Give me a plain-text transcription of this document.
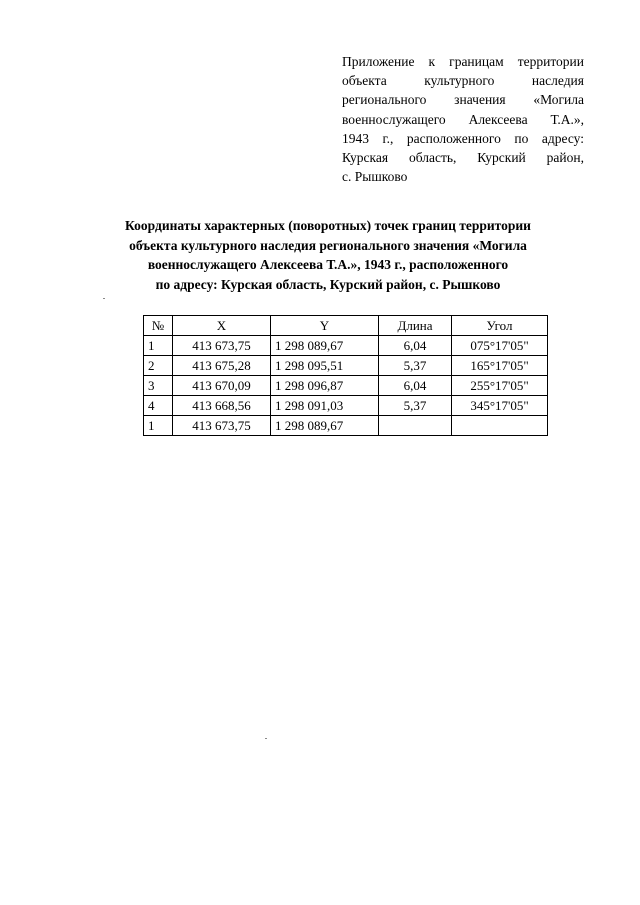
Приложение к границам территории
объекта культурного наследия
регионального значения «Могила
военнослужащего Алексеева Т.А.»,
1943 г., расположенного по адресу:
Курская область, Курский район,
с. Рышково
Координаты характерных (поворотных) точек границ территории
объекта культурного наследия регионального значения «Могила
военнослужащего Алексеева Т.А.», 1943 г., расположенного
по адресу: Курская область, Курский район, с. Рышково
№	X	Y	Длина	Угол
1	413 673,75	1 298 089,67	6,04	075°17'05"
2	413 675,28	1 298 095,51	5,37	165°17'05"
3	413 670,09	1 298 096,87	6,04	255°17'05"
4	413 668,56	1 298 091,03	5,37	345°17'05"
1	413 673,75	1 298 089,67		
